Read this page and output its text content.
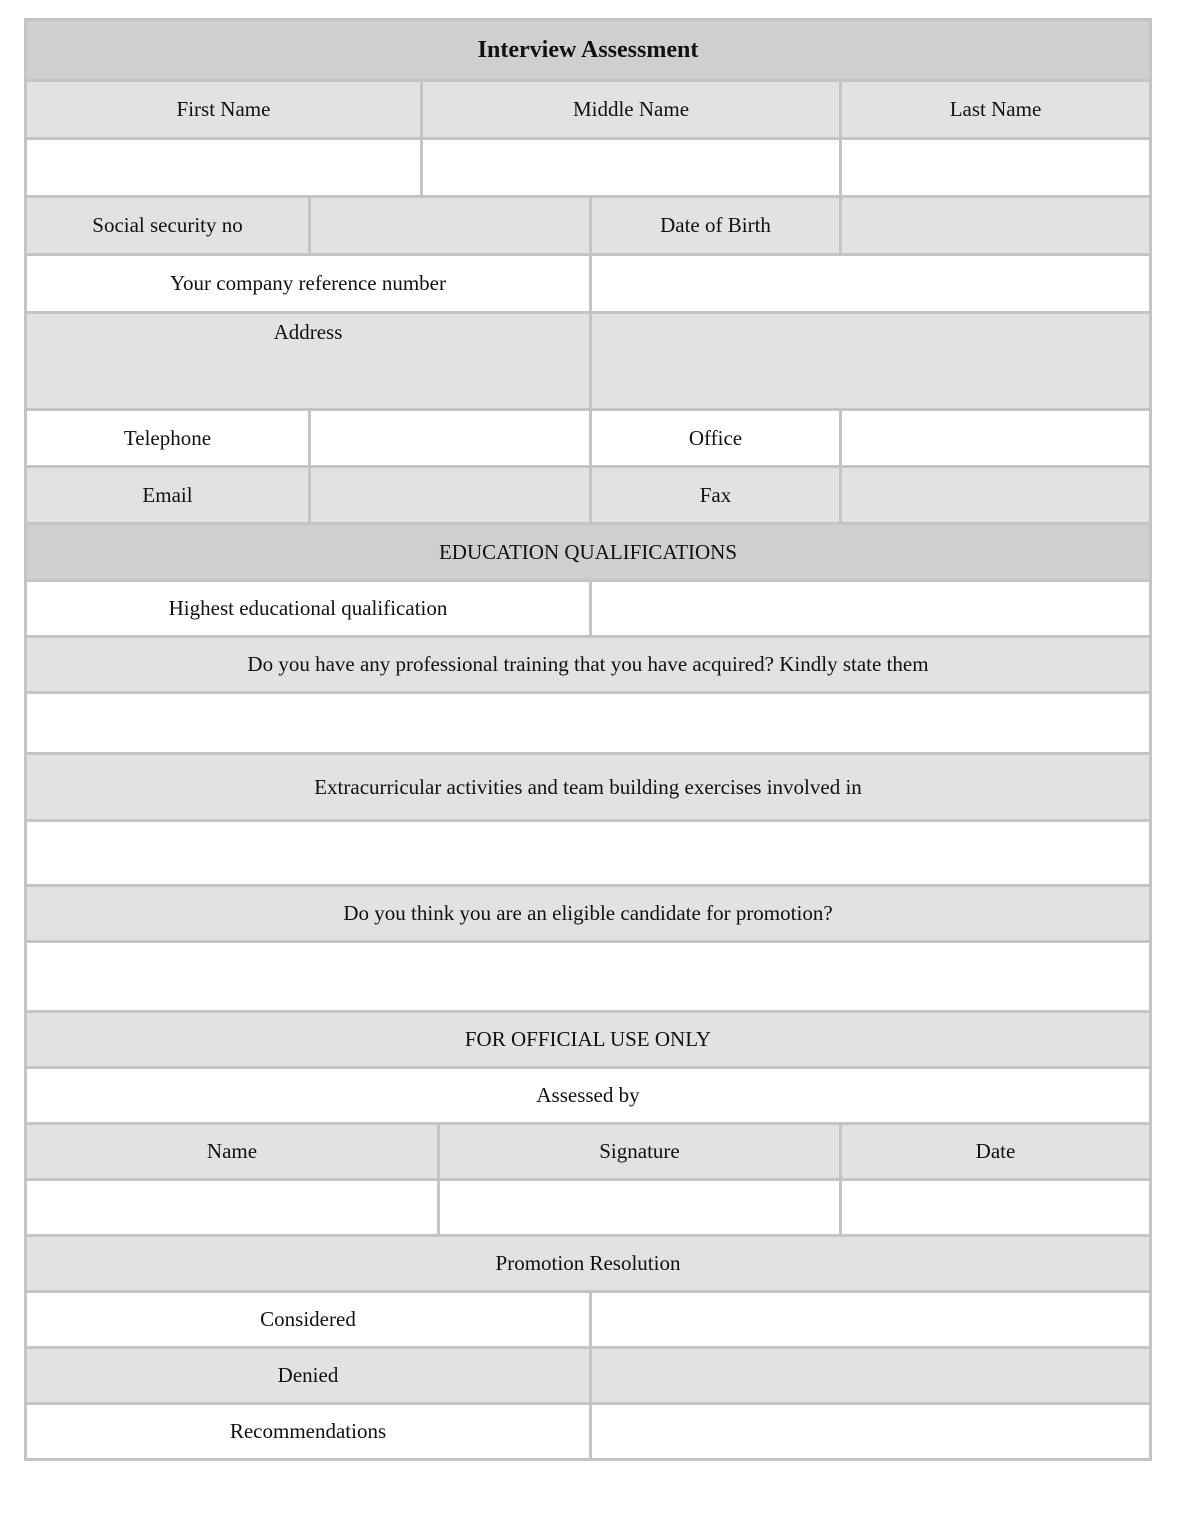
Interview Assessment
First Name	Middle Name	Last Name
Social security no	Date of Birth
Your company reference number
Address
Telephone	Office
Email	Fax
EDUCATION QUALIFICATIONS
Highest educational qualification
Do you have any professional training that you have acquired? Kindly state them
Extracurricular activities and team building exercises involved in
Do you think you are an eligible candidate for promotion?
FOR OFFICIAL USE ONLY
Assessed by
Name	Signature	Date
Promotion Resolution
Considered
Denied
Recommendations
